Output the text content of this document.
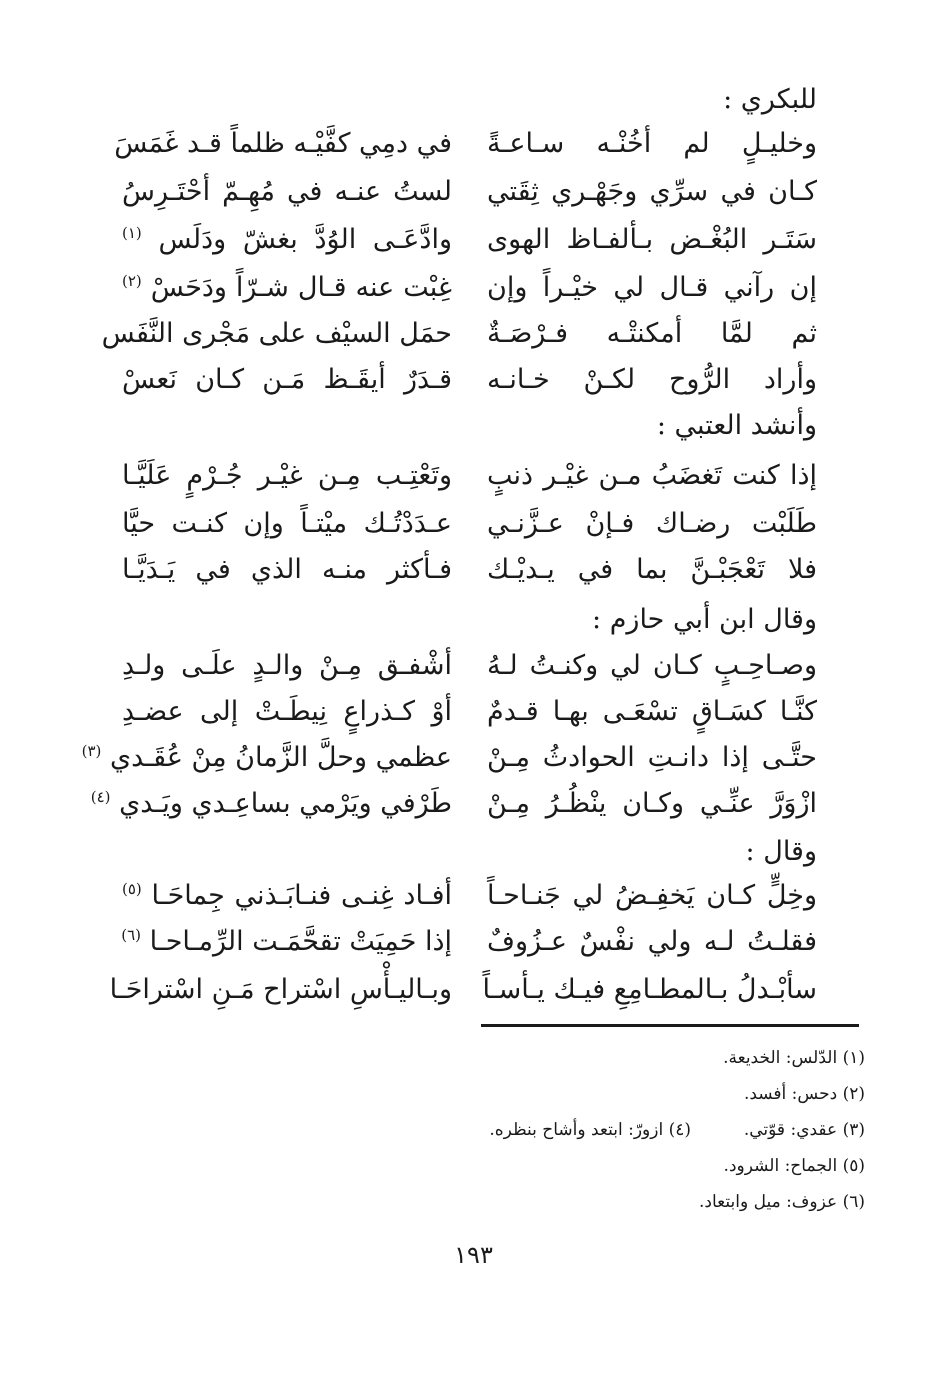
للبكري :
وخليـلٍ لم أخُنْـه سـاعـةً
في دمِي كفَّيْـه ظلماً قـد غَمَسَ
كـان في سرِّي وجَهْـري ثِقَتي
لستُ عنـه في مُهِـمّ أحْتَـرِسُ
سَتَـر البُغْـض بـألفـاظ الهوى
وادَّعَـى الوُدَّ بغشّ ودَلَس $^{(١)}$
إن رآني قـال لي خيْـراً وإن
غِبْت عنه قـال شـرّاً ودَحَسْ $^{(٢)}$
ثم لمَّا أمكنتْـه فـرْصَـةٌ
حمَل السيْف على مَجْرى النَّفَس
وأراد الرُّوح لكـنْ خـانـه
قـدَرٌ أيقَـظ مَـن كـان نَعسْ
وأنشد العتبي :
إذا كنت تَغضَبُ مـن غيْـر ذنبٍ
وتَعْتِـب مِـن غيْـر جُـرْمٍ عَلَيَّـا
طَلَبْت رضـاك فـإنْ عـزَّنـي
عـدَدْتُـك ميْتـاً وإن كنـت حيَّا
فلا تَعْجَبْـنَّ بما في يـديْـك
فـأكثر منـه الذي في يَـدَيَّـا
وقال ابن أبي حازم :
وصـاحِـبٍ كـان لي وكنـتُ لـهُ
أشْفـق مِـنْ والـدٍ علَـى ولـدِ
كنَّـا كسَـاقٍ تسْعَـى بهـا قـدمٌ
أوْ كـذراعٍ نِيطَـتْ إلى عضـدِ
حتَّـى إذا دانـتِ الحوادثُ مِـنْ
عظمي وحلَّ الزَّمانُ مِنْ عُقَـدي $^{(٣)}$
ازْوَرَّ عنِّـي وكـان ينْظُـرُ مِـنْ
طَرْفي ويَرْمي بساعِـدي ويَـدي $^{(٤)}$
وقال :
وخِلٍّ كـان يَخفِـضُ لي جَنـاحـاً
أفـاد غِنـى فنـابَـذني جِماحَـا $^{(٥)}$
فقلـتُ لـه ولي نفْسٌ عـزُوفٌ
إذا حَمِيَتْ تقحَّمَـت الرِّمـاحـا $^{(٦)}$
سأبْـدلُ بـالمطـامِعِ فيـك يـأسـاً
وبـاليـأْسِ اسْتراح مَـنِ اسْتراحَـا
(١) الدّلس: الخديعة.
(٢) دحس: أفسد.
(٣) عقدي: قوّتي.  (٤) ازورّ: ابتعد وأشاح بنظره.
(٥) الجماح: الشرود.
(٦) عزوف: ميل وابتعاد.
١٩٣
